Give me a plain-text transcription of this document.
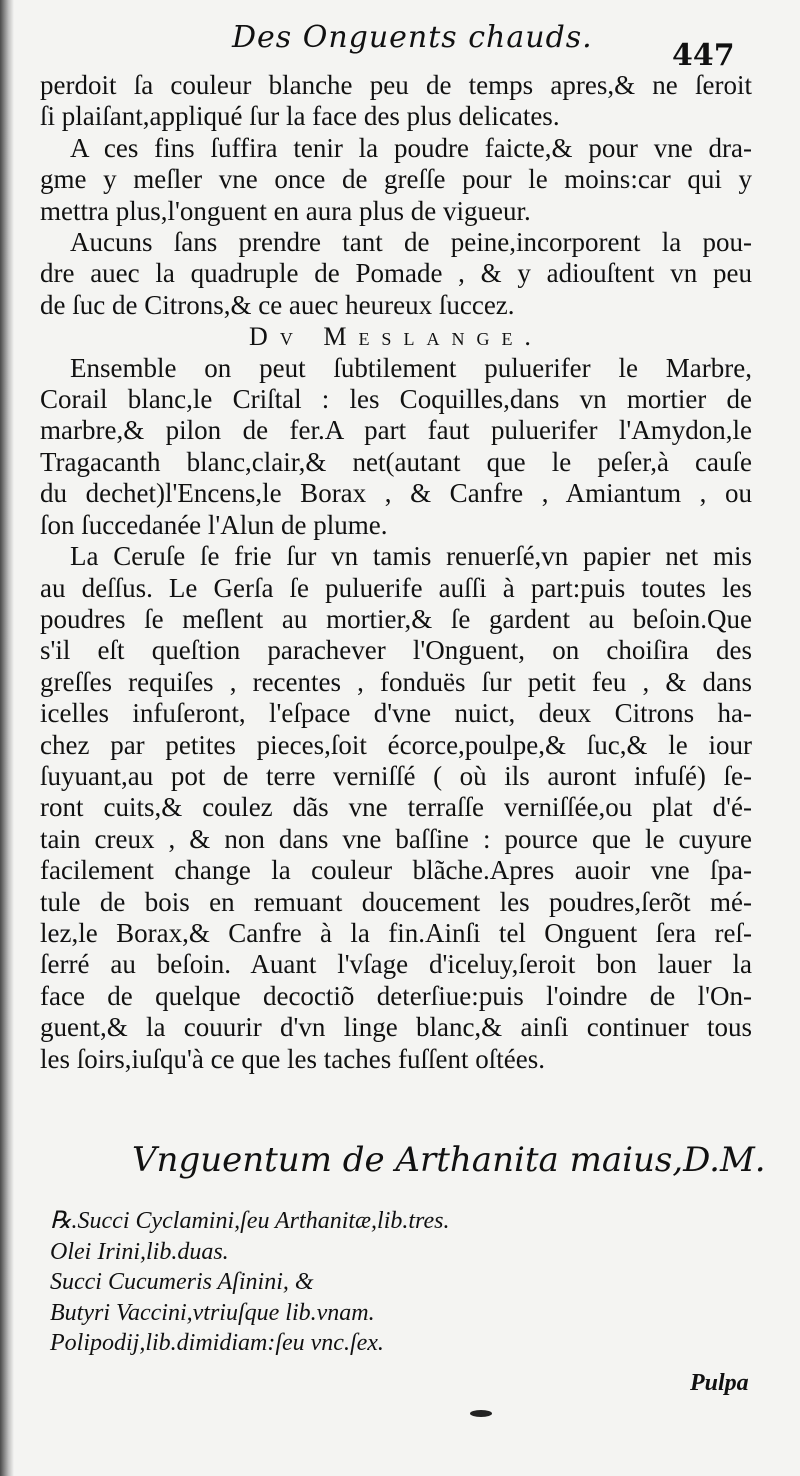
Des Onguents chauds.
447
perdoit ſa couleur blanche peu de temps apres,& ne ſeroit
ſi plaiſant,appliqué ſur la face des plus delicates.
A ces fins ſuffira tenir la poudre faicte,& pour vne dra-
gme y meſler vne once de greſſe pour le moins:car qui y
mettra plus,l'onguent en aura plus de vigueur.
Aucuns ſans prendre tant de peine,incorporent la pou-
dre auec la quadruple de Pomade , & y adiouſtent vn peu
de ſuc de Citrons,& ce auec heureux ſuccez.
Dv Meslange.
Ensemble on peut ſubtilement puluerifer le Marbre,
Corail blanc,le Criſtal : les Coquilles,dans vn mortier de
marbre,& pilon de fer.A part faut puluerifer l'Amydon,le
Tragacanth blanc,clair,& net(autant que le peſer,à cauſe
du dechet)l'Encens,le Borax , & Canfre , Amiantum , ou
ſon ſuccedanée l'Alun de plume.
La Ceruſe ſe frie ſur vn tamis renuerſé,vn papier net mis
au deſſus. Le Gerſa ſe puluerife auſſi à part:puis toutes les
poudres ſe meſlent au mortier,& ſe gardent au beſoin.Que
s'il eſt queſtion parachever l'Onguent, on choiſira des
greſſes requiſes , recentes , fonduës ſur petit feu , & dans
icelles infuſeront, l'eſpace d'vne nuict, deux Citrons ha-
chez par petites pieces,ſoit écorce,poulpe,& ſuc,& le iour
ſuyuant,au pot de terre verniſſé ( où ils auront infuſé) ſe-
ront cuits,& coulez dãs vne terraſſe verniſſée,ou plat d'é-
tain creux , & non dans vne baſſine : pource que le cuyure
facilement change la couleur blãche.Apres auoir vne ſpa-
tule de bois en remuant doucement les poudres,ſerõt mé-
lez,le Borax,& Canfre à la fin.Ainſi tel Onguent ſera reſ-
ſerré au beſoin. Auant l'vſage d'iceluy,ſeroit bon lauer la
face de quelque decoctiõ deterſiue:puis l'oindre de l'On-
guent,& la couurir d'vn linge blanc,& ainſi continuer tous
les ſoirs,iuſqu'à ce que les taches fuſſent oſtées.
Vnguentum de Arthanita maius,D.M.
℞.Succi Cyclamini,ſeu Arthanitæ,lib.tres.
Olei Irini,lib.duas.
Succi Cucumeris Aſinini, &
Butyri Vaccini,vtriuſque lib.vnam.
Polipodij,lib.dimidiam:ſeu vnc.ſex.
Pulpa
